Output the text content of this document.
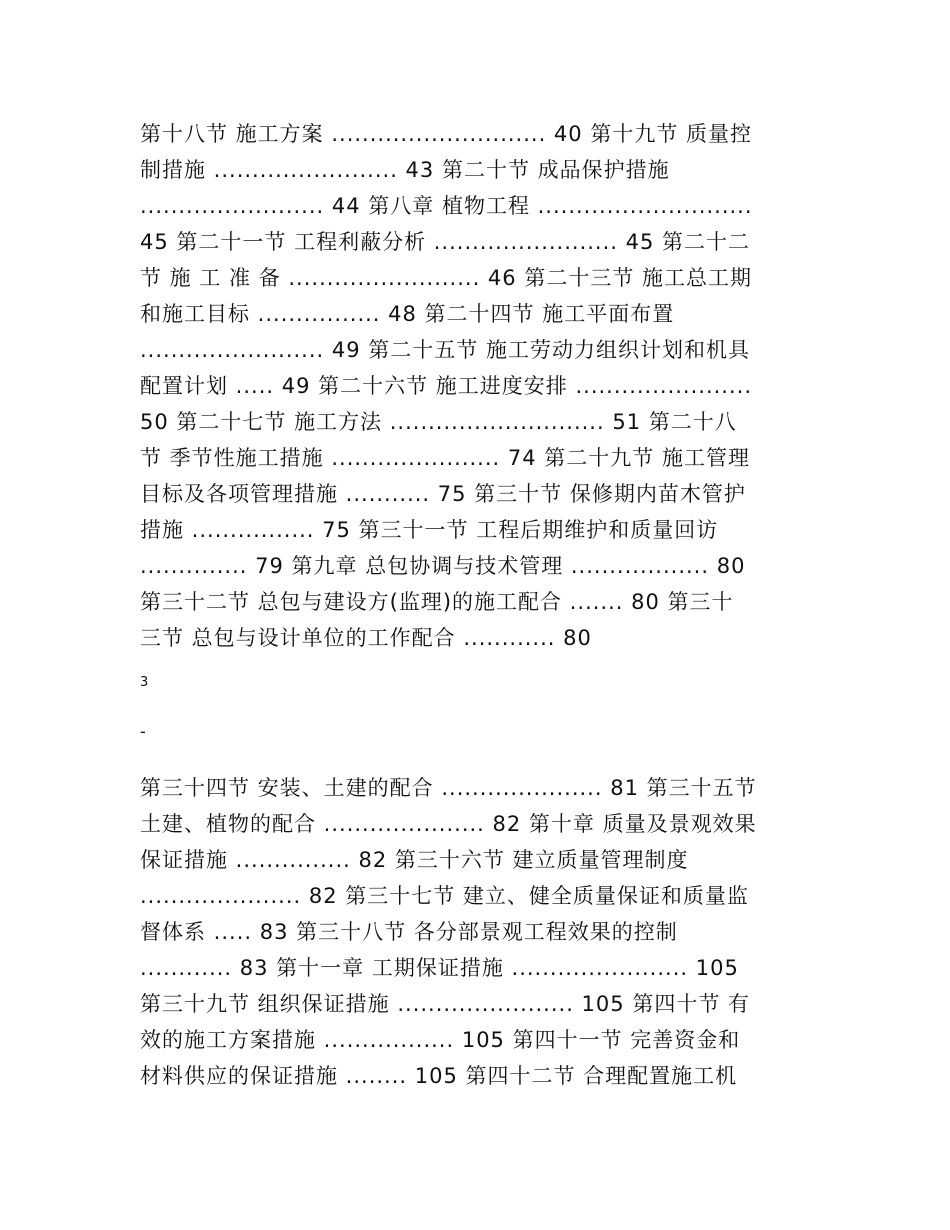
第十八节 施工方案 ............................ 40 第十九节 质量控
制措施 ........................ 43 第二十节 成品保护措施
........................ 44 第八章 植物工程 ............................
45 第二十一节 工程利蔽分析 ........................ 45 第二十二
节 施 工 准 备 ......................... 46 第二十三节 施工总工期
和施工目标 ................ 48 第二十四节 施工平面布置
........................ 49 第二十五节 施工劳动力组织计划和机具
配置计划 ..... 49 第二十六节 施工进度安排 .......................
50 第二十七节 施工方法 ............................ 51 第二十八
节 季节性施工措施 ...................... 74 第二十九节 施工管理
目标及各项管理措施 ........... 75 第三十节 保修期内苗木管护
措施 ................ 75 第三十一节 工程后期维护和质量回访
.............. 79 第九章 总包协调与技术管理 .................. 80
第三十二节 总包与建设方(监理)的施工配合 ....... 80 第三十
三节 总包与设计单位的工作配合 ............ 80
3
-
第三十四节 安装、土建的配合 ..................... 81 第三十五节
土建、植物的配合 ..................... 82 第十章 质量及景观效果
保证措施 ............... 82 第三十六节 建立质量管理制度
..................... 82 第三十七节 建立、健全质量保证和质量监
督体系 ..... 83 第三十八节 各分部景观工程效果的控制
............ 83 第十一章 工期保证措施 ....................... 105
第三十九节 组织保证措施 ....................... 105 第四十节 有
效的施工方案措施 ................. 105 第四十一节 完善资金和
材料供应的保证措施 ........ 105 第四十二节 合理配置施工机
